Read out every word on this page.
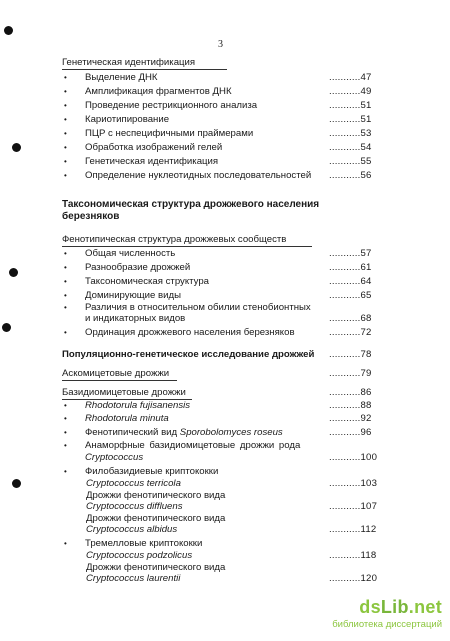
3
Генетическая идентификация
• Выделение ДНК	...........47
• Амплификация фрагментов ДНК	...........49
• Проведение рестрикционного анализа	...........51
• Кариотипирование	...........51
• ПЦР с неспецифичными праймерами	...........53
• Обработка изображений гелей	...........54
• Генетическая идентификация	...........55
• Определение нуклеотидных последовательностей ...........56
Таксономическая структура дрожжевого населения березняков
Фенотипическая структура дрожжевых сообществ
• Общая численность	...........57
• Разнообразие дрожжей	...........61
• Таксономическая структура	...........64
• Доминирующие виды	...........65
• Различия в относительном обилии стенобионтных
и индикаторных видов	...........68
• Ординация дрожжевого населения березняков	...........72
Популяционно-генетическое исследование дрожжей ...........78
Аскомицетовые дрожжи	...........79
Базидиомицетовые дрожжи	...........86
• Rhodotorula fujisanensis	...........88
• Rhodotorula minuta	...........92
• Фенотипический вид Sporobolomyces roseus	...........96
• Анаморфные базидиомицетовые дрожжи рода
Cryptococcus	...........100
• Филобазидиевые криптококки
Cryptococcus terricola	...........103
Дрожжи фенотипического вида
Cryptococcus diffluens	...........107
Дрожжи фенотипического вида
Cryptococcus albidus	...........112
• Тремелловые криптококки
Cryptococcus podzolicus	...........118
Дрожжи фенотипического вида
Cryptococcus laurentii	...........120
dsLib.net
библиотека диссертаций
